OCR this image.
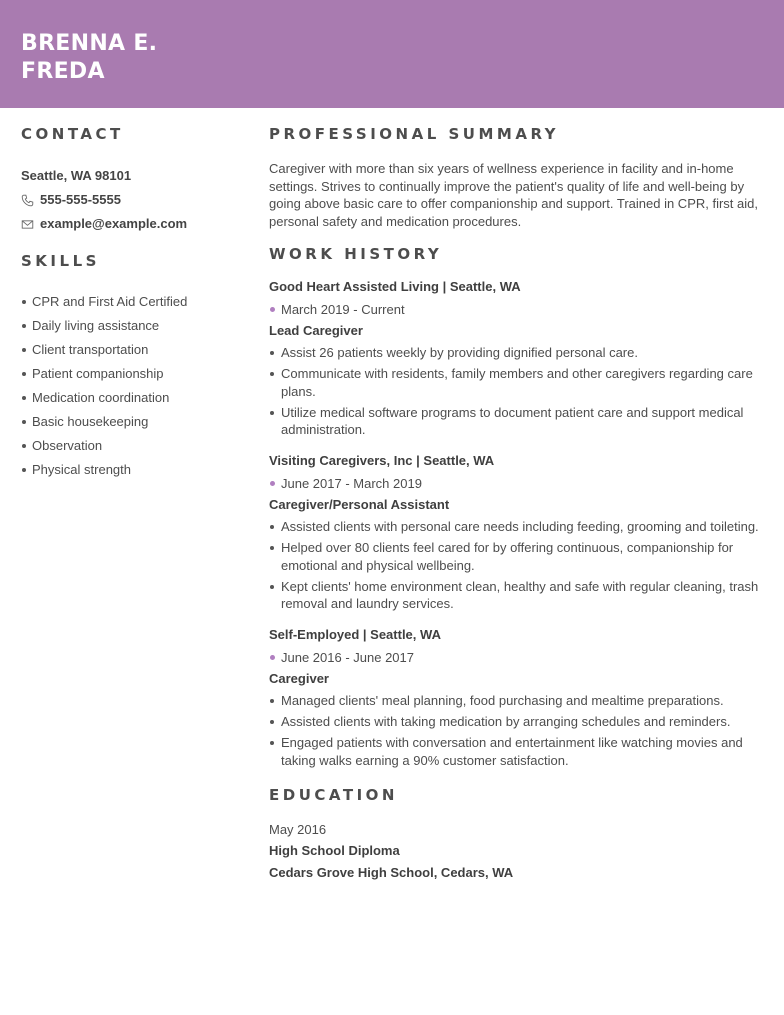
BRENNA E.
FREDA
CONTACT
Seattle, WA 98101
555-555-5555
example@example.com
SKILLS
CPR and First Aid Certified
Daily living assistance
Client transportation
Patient companionship
Medication coordination
Basic housekeeping
Observation
Physical strength
PROFESSIONAL SUMMARY

Caregiver with more than six years of wellness experience in facility and in-home settings. Strives to continually improve the patient's quality of life and well-being by going above basic care to offer companionship and support. Trained in CPR, first aid, personal safety and medication procedures.

WORK HISTORY
Good Heart Assisted Living | Seattle, WA
March 2019 - Current
Lead Caregiver
Assist 26 patients weekly by providing dignified personal care.
Communicate with residents, family members and other caregivers regarding care plans.
Utilize medical software programs to document patient care and support medical administration.
Visiting Caregivers, Inc | Seattle, WA
June 2017 - March 2019
Caregiver/Personal Assistant
Assisted clients with personal care needs including feeding, grooming and toileting.
Helped over 80 clients feel cared for by offering continuous, companionship for emotional and physical wellbeing.
Kept clients' home environment clean, healthy and safe with regular cleaning, trash removal and laundry services.
Self-Employed | Seattle, WA
June 2016 - June 2017
Caregiver
Managed clients' meal planning, food purchasing and mealtime preparations.
Assisted clients with taking medication by arranging schedules and reminders.
Engaged patients with conversation and entertainment like watching movies and taking walks earning a 90% customer satisfaction.
EDUCATION
May 2016
High School Diploma
Cedars Grove High School, Cedars, WA
